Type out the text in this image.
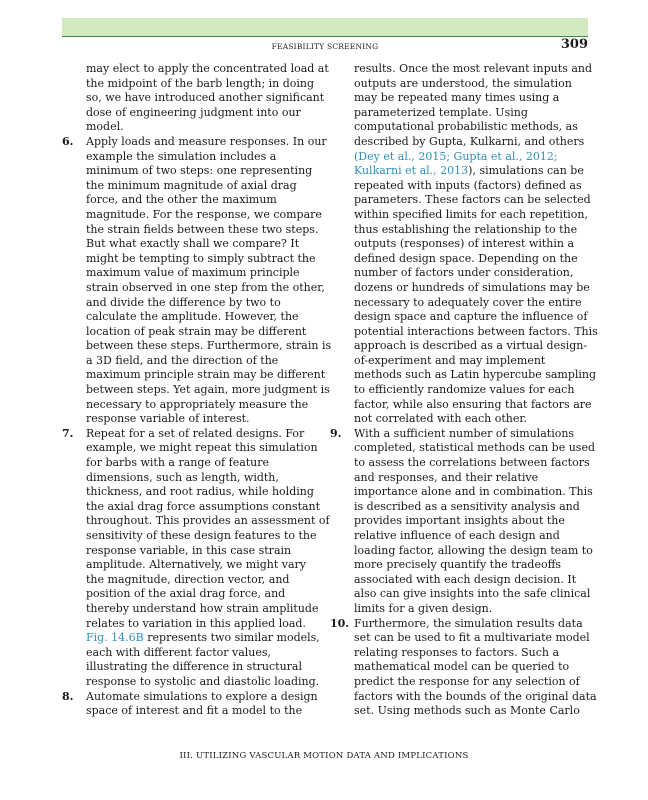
FEASIBILITY SCREENING	309
may elect to apply the concentrated load at
the midpoint of the barb length; in doing
so, we have introduced another significant
dose of engineering judgment into our
model.
6. Apply loads and measure responses. In our
example the simulation includes a
minimum of two steps: one representing
the minimum magnitude of axial drag
force, and the other the maximum
magnitude. For the response, we compare
the strain fields between these two steps.
But what exactly shall we compare? It
might be tempting to simply subtract the
maximum value of maximum principle
strain observed in one step from the other,
and divide the difference by two to
calculate the amplitude. However, the
location of peak strain may be different
between these steps. Furthermore, strain is
a 3D field, and the direction of the
maximum principle strain may be different
between steps. Yet again, more judgment is
necessary to appropriately measure the
response variable of interest.
7. Repeat for a set of related designs. For
example, we might repeat this simulation
for barbs with a range of feature
dimensions, such as length, width,
thickness, and root radius, while holding
the axial drag force assumptions constant
throughout. This provides an assessment of
sensitivity of these design features to the
response variable, in this case strain
amplitude. Alternatively, we might vary
the magnitude, direction vector, and
position of the axial drag force, and
thereby understand how strain amplitude
relates to variation in this applied load.
Fig. 14.6B represents two similar models,
each with different factor values,
illustrating the difference in structural
response to systolic and diastolic loading.
8. Automate simulations to explore a design
space of interest and fit a model to the
results. Once the most relevant inputs and
outputs are understood, the simulation
may be repeated many times using a
parameterized template. Using
computational probabilistic methods, as
described by Gupta, Kulkarni, and others
(Dey et al., 2015; Gupta et al., 2012;
Kulkarni et al., 2013), simulations can be
repeated with inputs (factors) defined as
parameters. These factors can be selected
within specified limits for each repetition,
thus establishing the relationship to the
outputs (responses) of interest within a
defined design space. Depending on the
number of factors under consideration,
dozens or hundreds of simulations may be
necessary to adequately cover the entire
design space and capture the influence of
potential interactions between factors. This
approach is described as a virtual design-
of-experiment and may implement
methods such as Latin hypercube sampling
to efficiently randomize values for each
factor, while also ensuring that factors are
not correlated with each other.
9. With a sufficient number of simulations
completed, statistical methods can be used
to assess the correlations between factors
and responses, and their relative
importance alone and in combination. This
is described as a sensitivity analysis and
provides important insights about the
relative influence of each design and
loading factor, allowing the design team to
more precisely quantify the tradeoffs
associated with each design decision. It
also can give insights into the safe clinical
limits for a given design.
10. Furthermore, the simulation results data
set can be used to fit a multivariate model
relating responses to factors. Such a
mathematical model can be queried to
predict the response for any selection of
factors with the bounds of the original data
set. Using methods such as Monte Carlo
III. UTILIZING VASCULAR MOTION DATA AND IMPLICATIONS
